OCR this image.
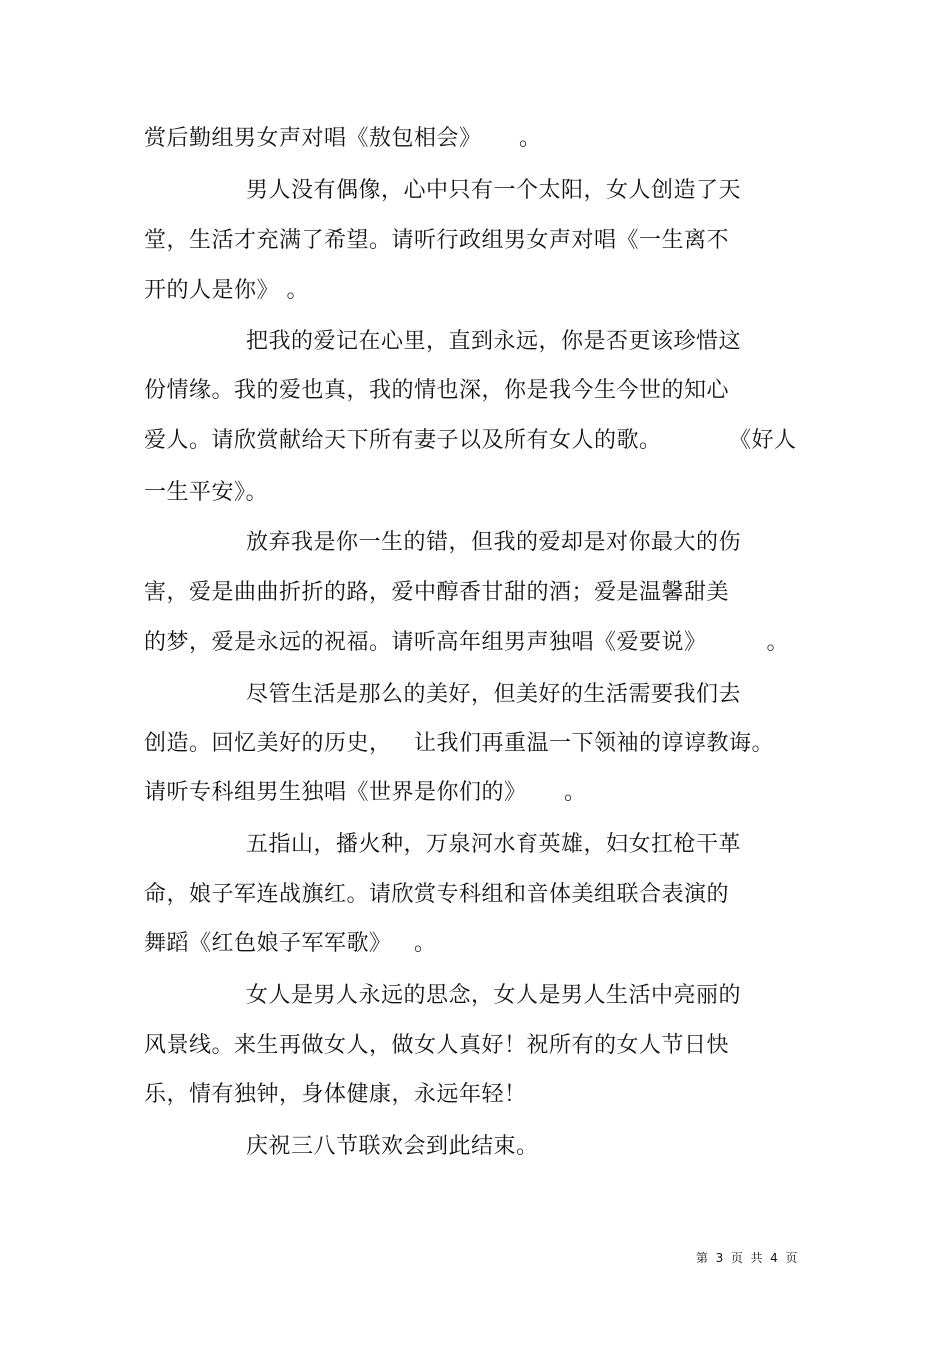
赏后勤组男女声对唱《敖包相会》     。
男人没有偶像，心中只有一个太阳，女人创造了天
堂，生活才充满了希望。请听行政组男女声对唱《一生离不
开的人是你》 。
把我的爱记在心里，直到永远，你是否更该珍惜这
份情缘。我的爱也真，我的情也深，你是我今生今世的知心
爱人。请欣赏献给天下所有妻子以及所有女人的歌。         《好人
一生平安》。
放弃我是你一生的错，但我的爱却是对你最大的伤
害，爱是曲曲折折的路，爱中醇香甘甜的酒；爱是温馨甜美
的梦，爱是永远的祝福。请听高年组男声独唱《爱要说》        。
尽管生活是那么的美好，但美好的生活需要我们去
创造。回忆美好的历史，   让我们再重温一下领袖的谆谆教诲。
请听专科组男生独唱《世界是你们的》     。
五指山，播火种，万泉河水育英雄，妇女扛枪干革
命，娘子军连战旗红。请欣赏专科组和音体美组联合表演的
舞蹈《红色娘子军军歌》   。
女人是男人永远的思念，女人是男人生活中亮丽的
风景线。来生再做女人，做女人真好！祝所有的女人节日快
乐，情有独钟，身体健康，永远年轻！
庆祝三八节联欢会到此结束。
第  3  页  共  4  页
